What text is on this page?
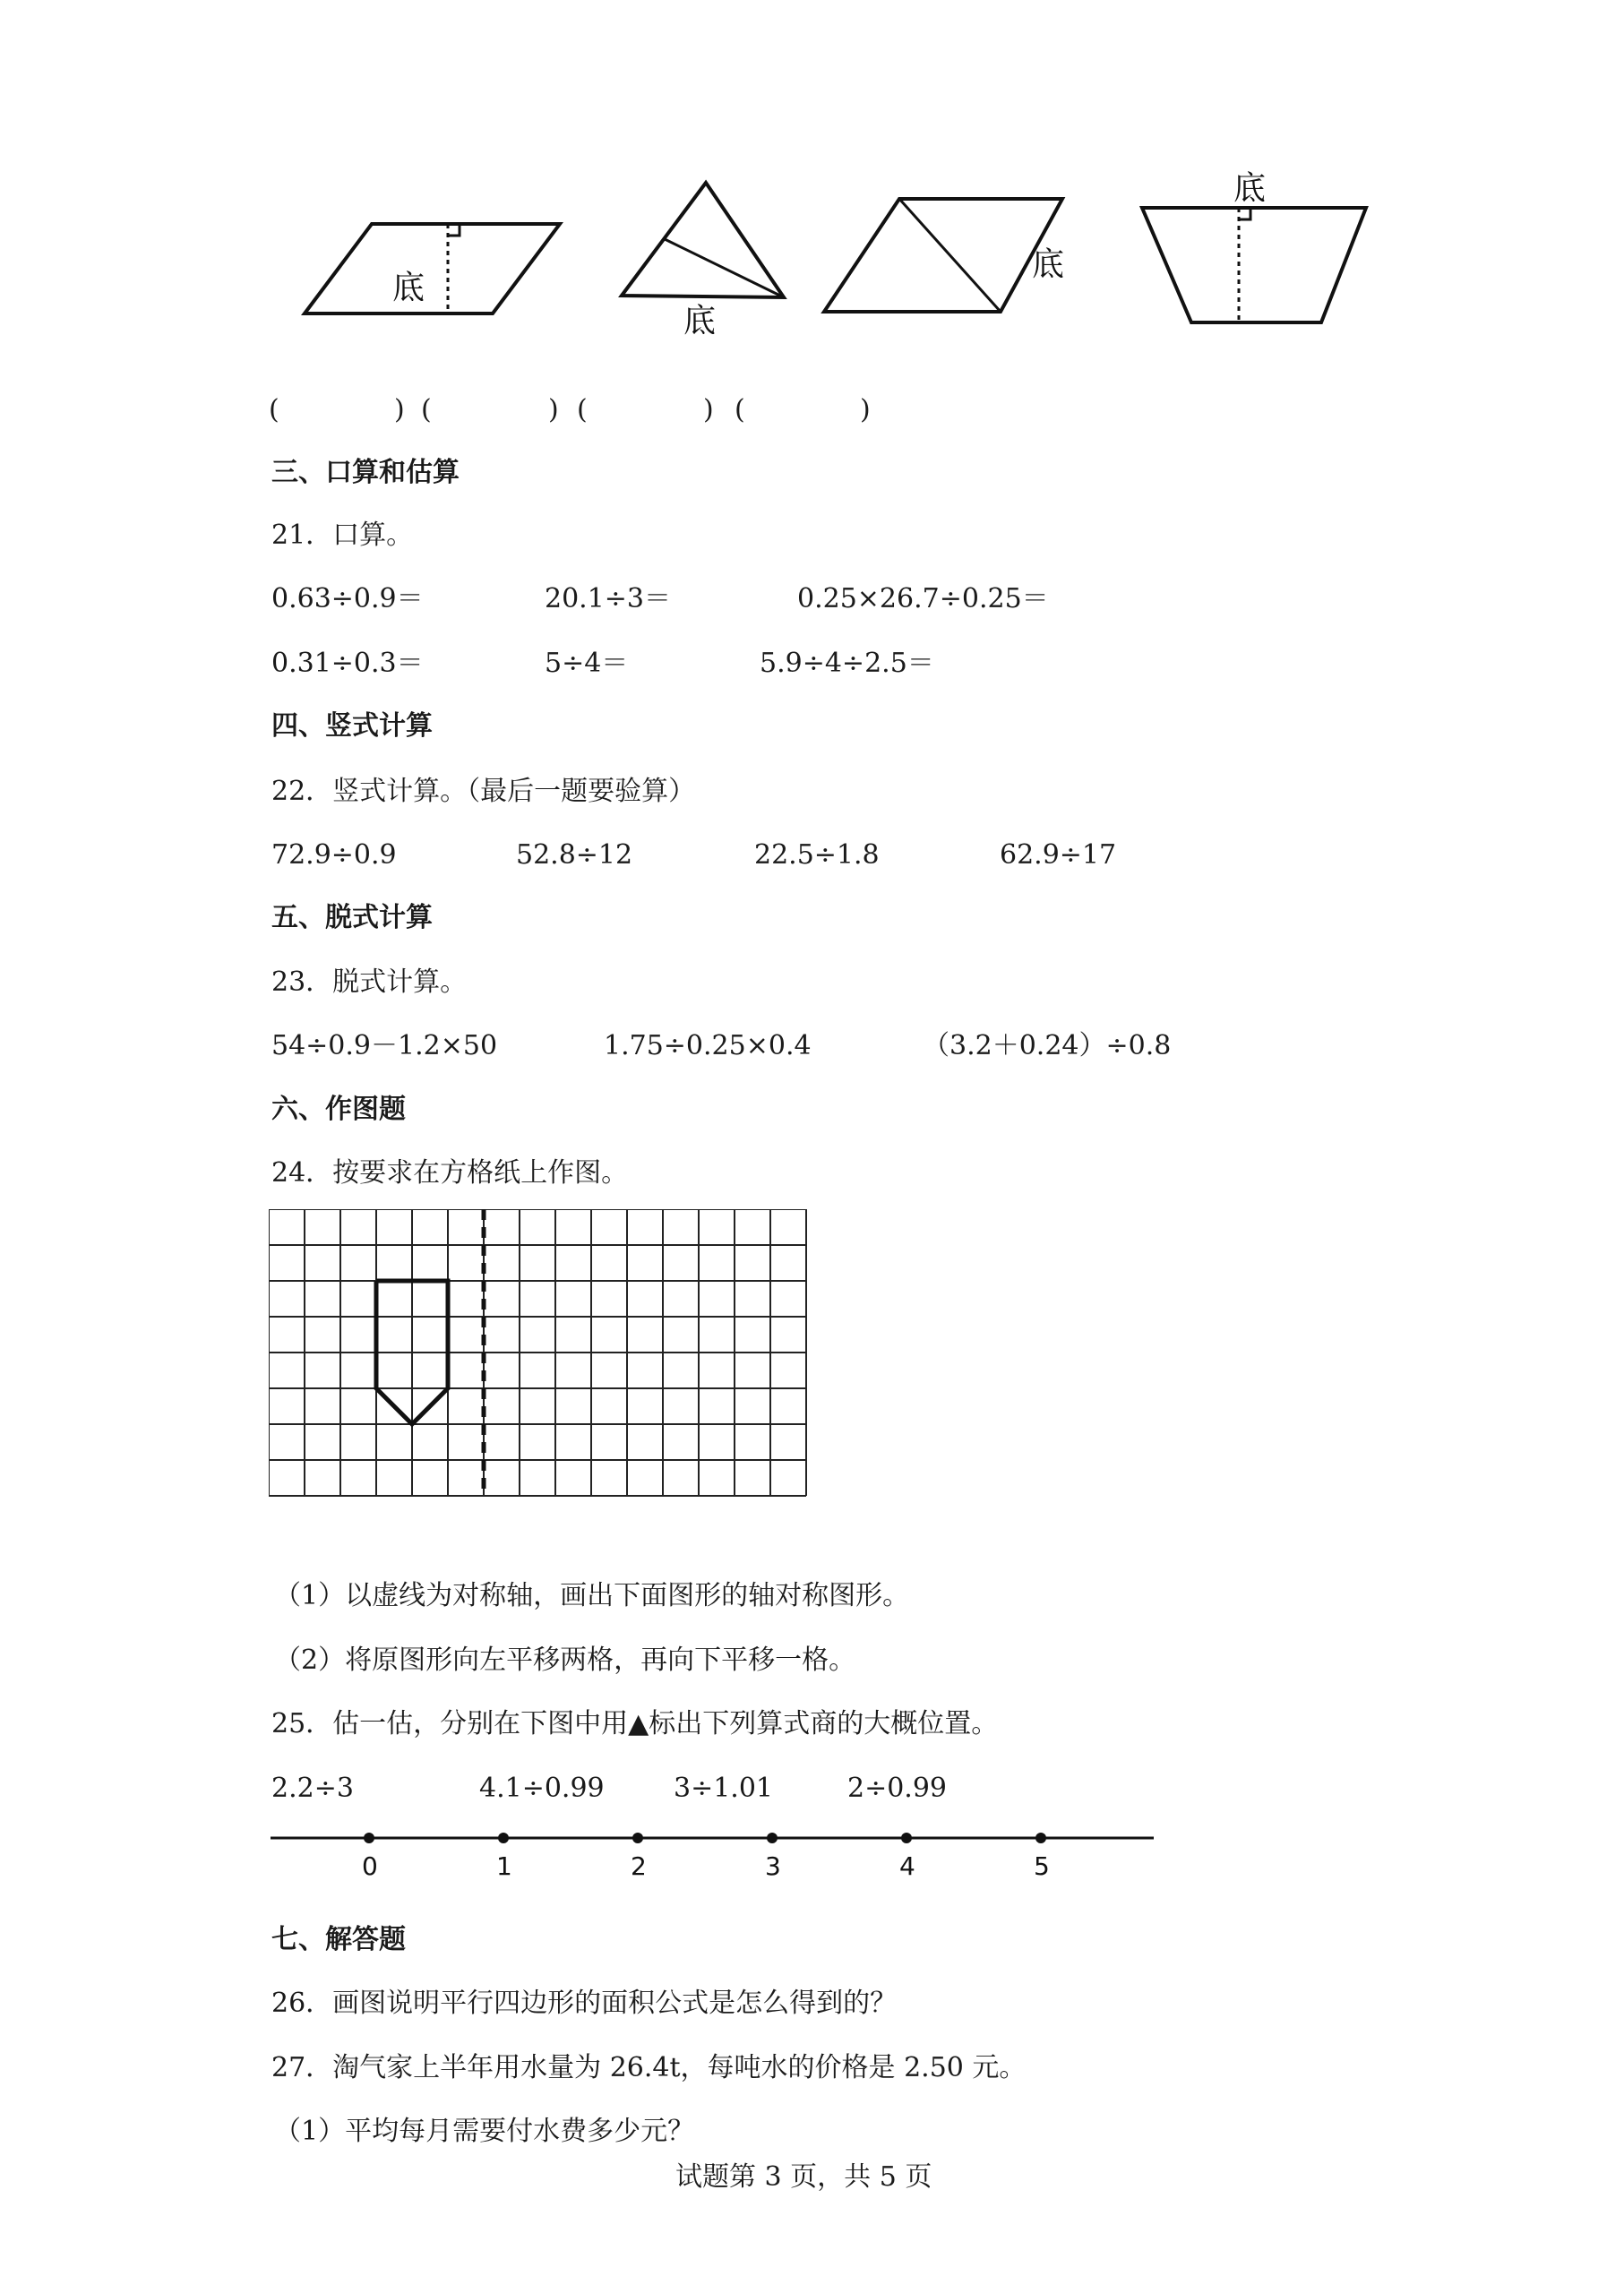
底
底
底
底
(	) (	) (	) (	)
三、口算和估算
21．口算。
0.63÷0.9＝	20.1÷3＝	0.25×26.7÷0.25＝
0.31÷0.3＝	5÷4＝	5.9÷4÷2.5＝
四、竖式计算
22．竖式计算。（最后一题要验算）
72.9÷0.9	52.8÷12	22.5÷1.8	62.9÷17
五、脱式计算
23．脱式计算。
54÷0.9－1.2×50	1.75÷0.25×0.4	（3.2＋0.24）÷0.8
六、作图题
24．按要求在方格纸上作图。
（1）以虚线为对称轴，画出下面图形的轴对称图形。
（2）将原图形向左平移两格，再向下平移一格。
25．估一估，分别在下图中用▲标出下列算式商的大概位置。
2.2÷3	4.1÷0.99	3÷1.01	2÷0.99
0	1	2	3	4	5
七、解答题
26．画图说明平行四边形的面积公式是怎么得到的？
27．淘气家上半年用水量为 26.4t，每吨水的价格是 2.50 元。
（1）平均每月需要付水费多少元？
试题第 3 页，共 5 页
